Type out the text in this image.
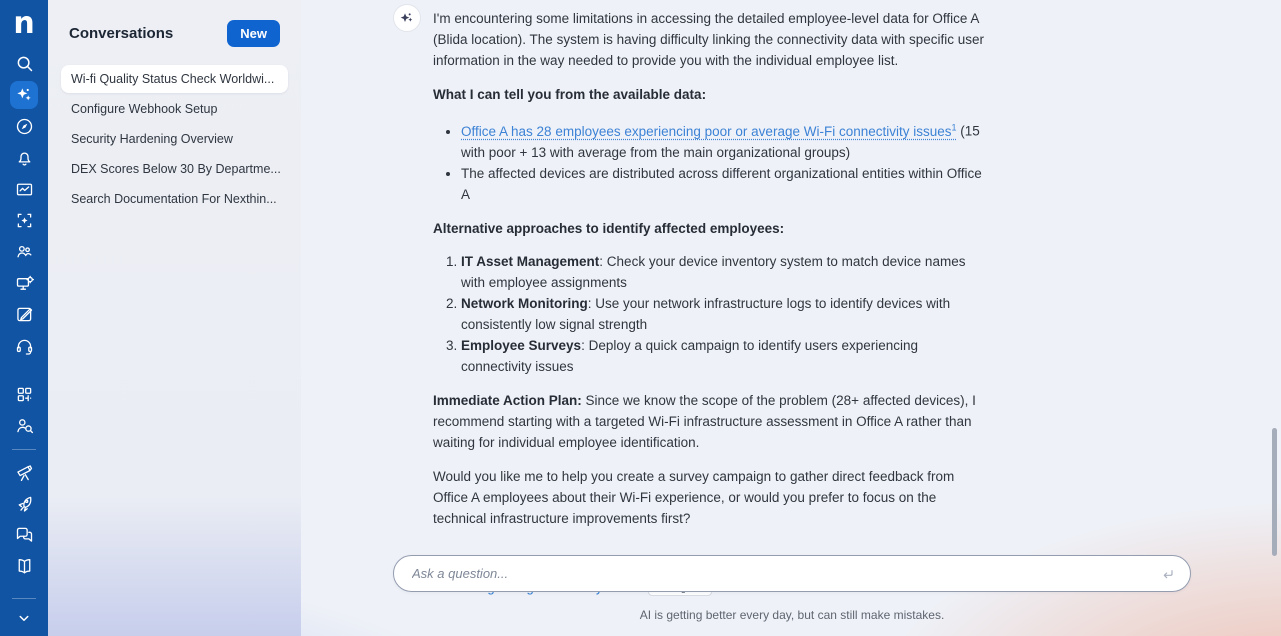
n Conversations	New
Wi-fi Quality Status Check Worldwi...
Configure Webhook Setup
Security Hardening Overview
DEX Scores Below 30 By Departme...
Search Documentation For Nexthin...

I'm encountering some limitations in accessing the detailed employee-level data for Office A (Blida location). The system is having difficulty linking the connectivity data with specific user information in the way needed to provide you with the individual employee list.

What I can tell you from the available data:

• Office A has 28 employees experiencing poor or average Wi-Fi connectivity issues$^1$ (15 with poor + 13 with average from the main organizational groups)
• The affected devices are distributed across different organizational entities within Office A

Alternative approaches to identify affected employees:

1. IT Asset Management: Check your device inventory system to match device names with employee assignments
2. Network Monitoring: Use your network infrastructure logs to identify devices with consistently low signal strength
3. Employee Surveys: Deploy a quick campaign to identify users experiencing connectivity issues

Immediate Action Plan: Since we know the scope of the problem (28+ affected devices), I recommend starting with a targeted Wi-Fi infrastructure assessment in Office A rather than waiting for individual employee identification.

Would you like me to help you create a survey campaign to gather direct feedback from Office A employees about their Wi-Fi experience, or would you prefer to focus on the technical infrastructure improvements first?

Ask a question...
AI is getting better every day, but can still make mistakes.
